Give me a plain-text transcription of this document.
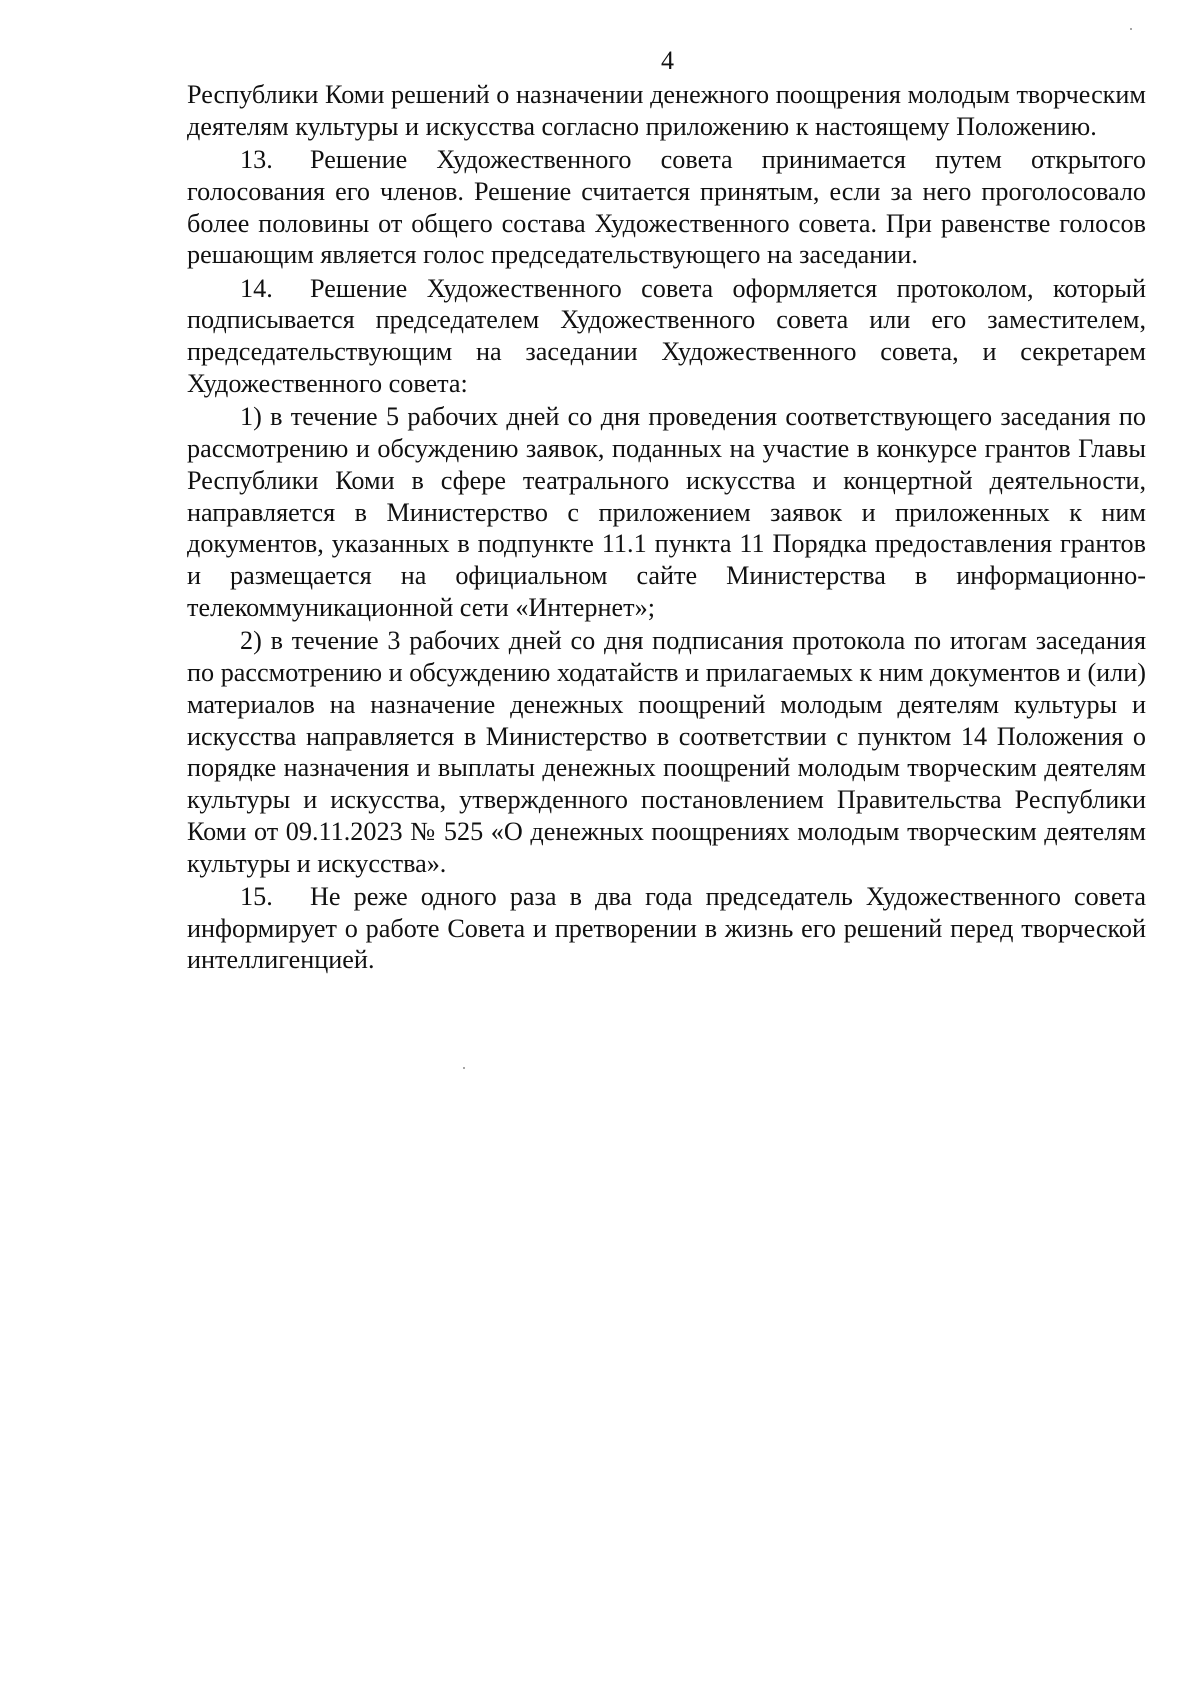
4

Республики Коми решений о назначении денежного поощрения молодым творческим деятелям культуры и искусства согласно приложению к настоящему Положению.

13. Решение Художественного совета принимается путем открытого голосования его членов. Решение считается принятым, если за него проголосовало более половины от общего состава Художественного совета. При равенстве голосов решающим является голос председательствующего на заседании.

14. Решение Художественного совета оформляется протоколом, который подписывается председателем Художественного совета или его заместителем, председательствующим на заседании Художественного совета, и секретарем Художественного совета:

1) в течение 5 рабочих дней со дня проведения соответствующего заседания по рассмотрению и обсуждению заявок, поданных на участие в конкурсе грантов Главы Республики Коми в сфере театрального искусства и концертной деятельности, направляется в Министерство с приложением заявок и приложенных к ним документов, указанных в подпункте 11.1 пункта 11 Порядка предоставления грантов и размещается на официальном сайте Министерства в информационно-телекоммуникационной сети «Интернет»;

2) в течение 3 рабочих дней со дня подписания протокола по итогам заседания по рассмотрению и обсуждению ходатайств и прилагаемых к ним документов и (или) материалов на назначение денежных поощрений молодым деятелям культуры и искусства направляется в Министерство в соответствии с пунктом 14 Положения о порядке назначения и выплаты денежных поощрений молодым творческим деятелям культуры и искусства, утвержденного постановлением Правительства Республики Коми от 09.11.2023 № 525 «О денежных поощрениях молодым творческим деятелям культуры и искусства».

15. Не реже одного раза в два года председатель Художественного совета информирует о работе Совета и претворении в жизнь его решений перед творческой интеллигенцией.
